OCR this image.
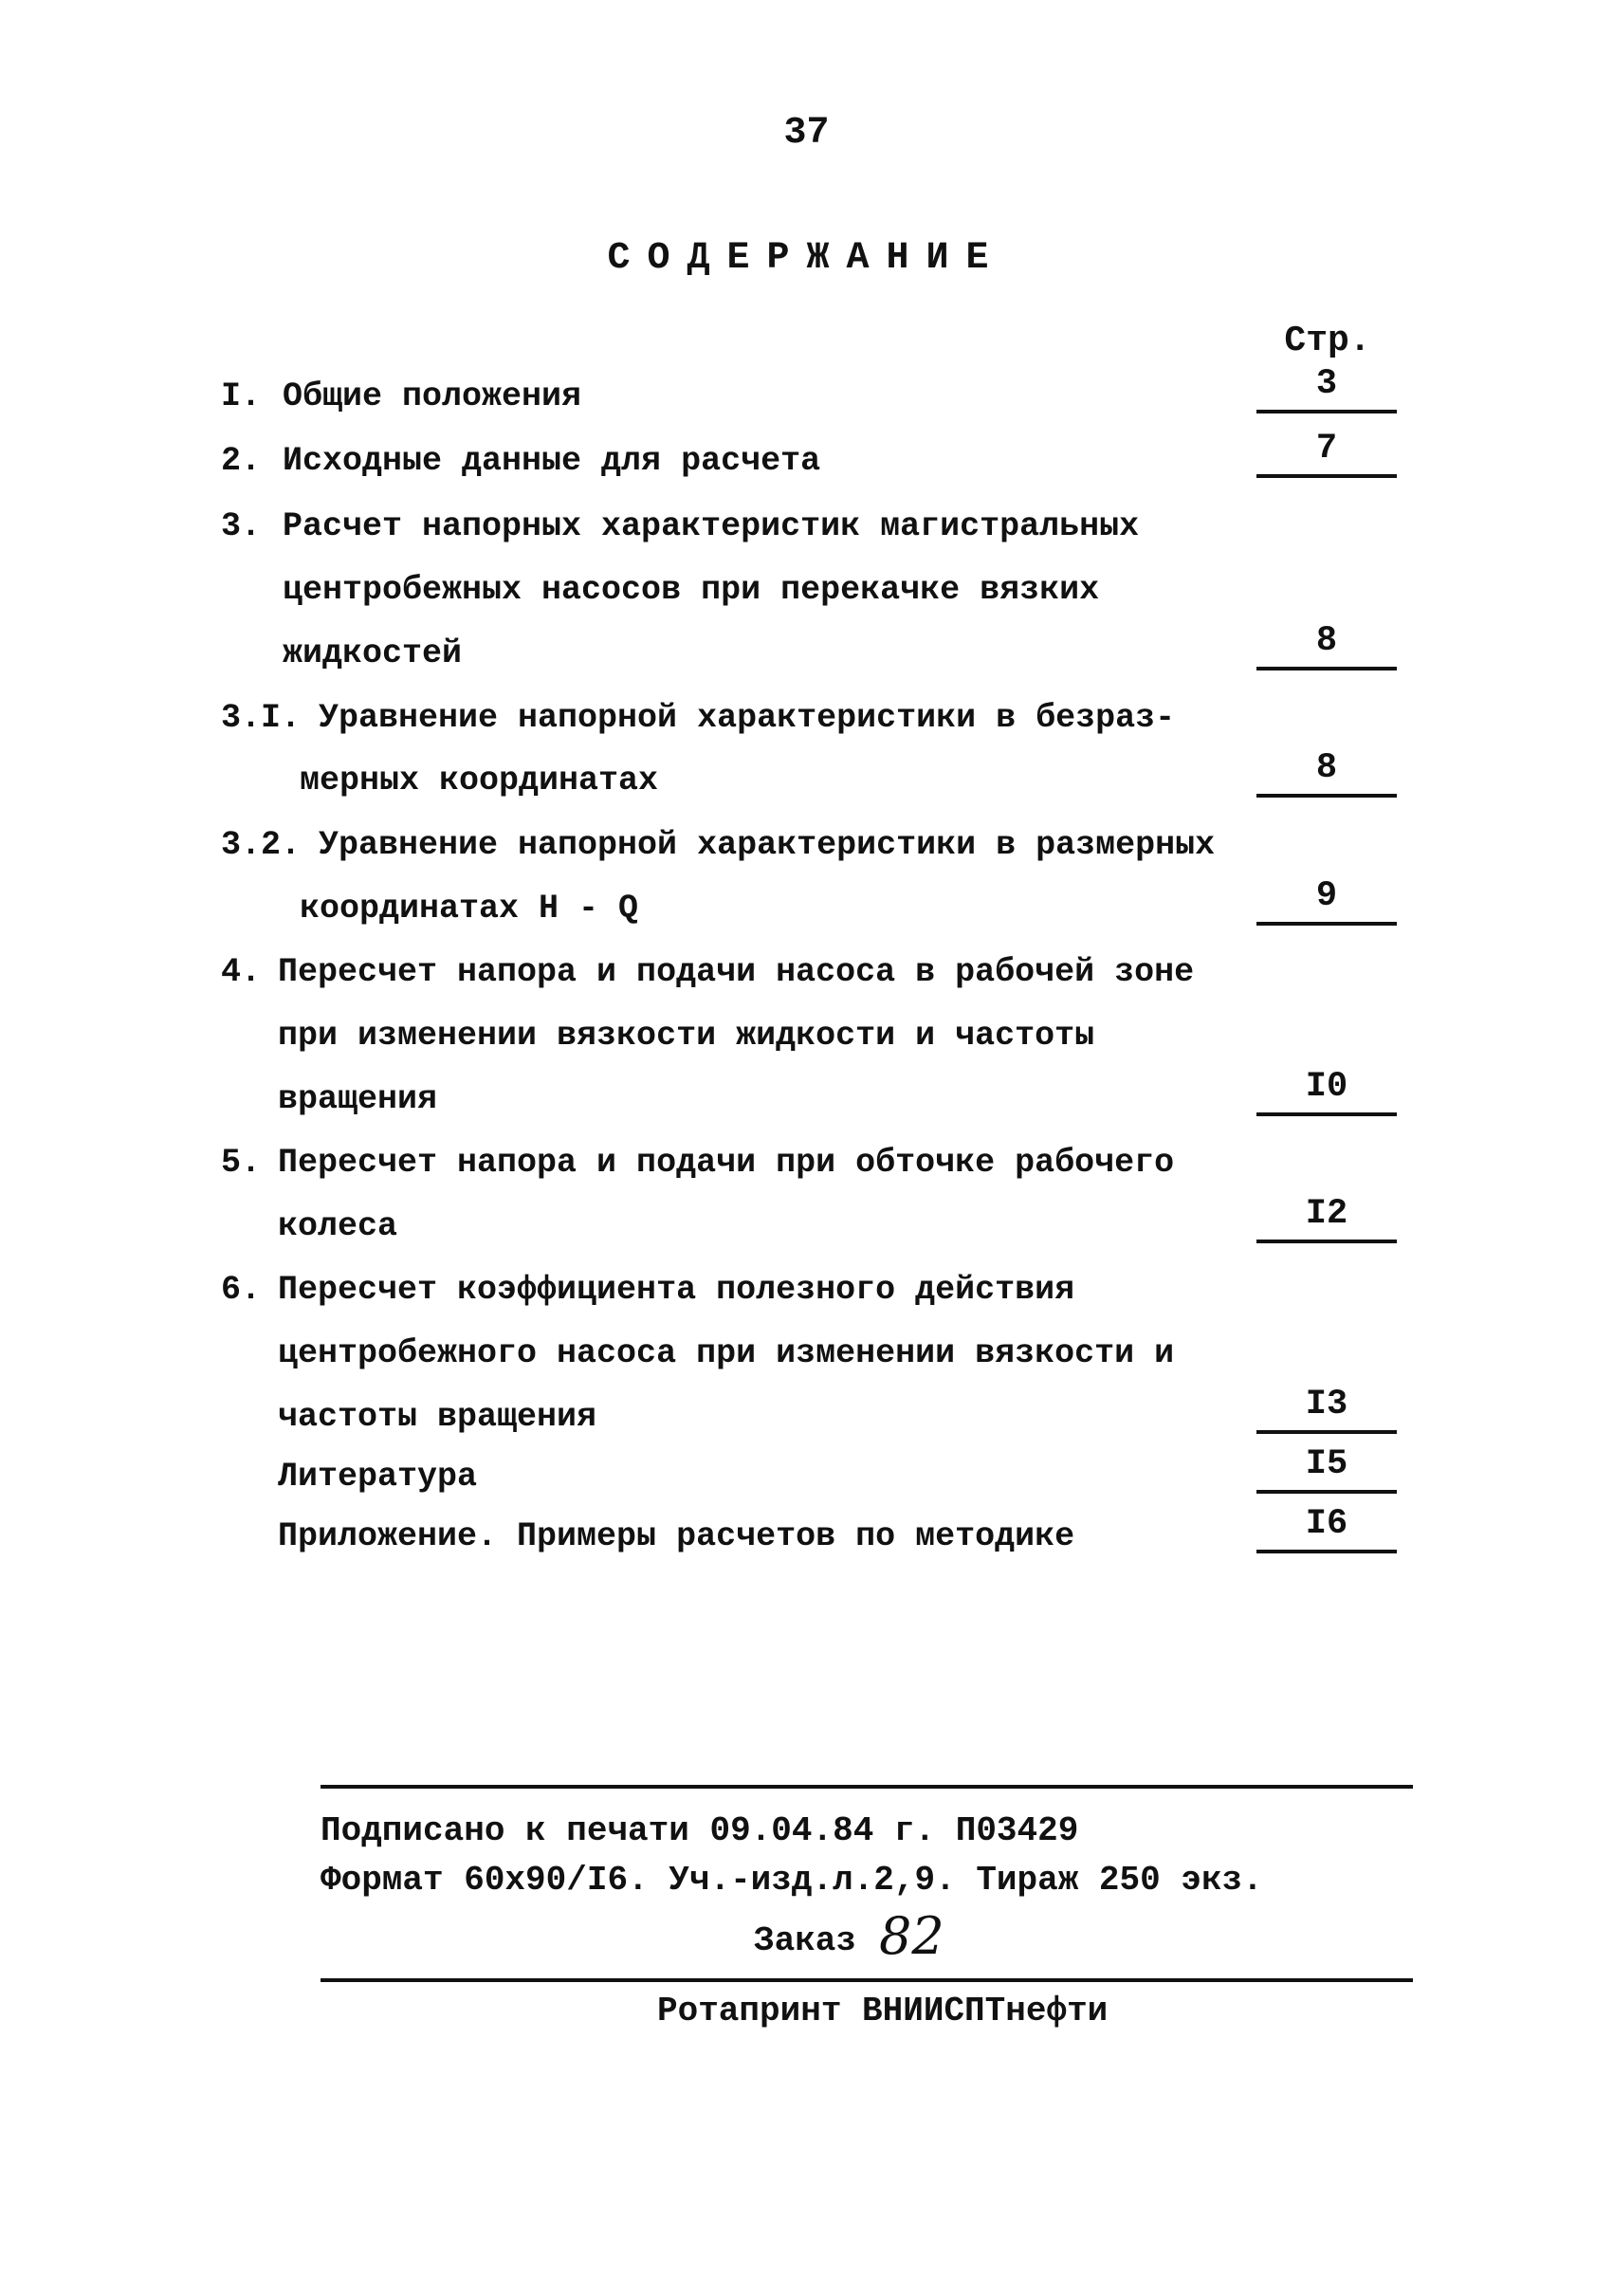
37
СОДЕРЖАНИЕ
Стр.
I. Общие положения	3
2. Исходные данные для расчета	7
3. Расчет напорных характеристик магистральных
центробежных насосов при перекачке вязких
жидкостей	8
3.I. Уравнение напорной характеристики в безраз-
мерных координатах	8
3.2. Уравнение напорной характеристики в размерных
координатах Н - Q	9
4. Пересчет напора и подачи насоса в рабочей зоне
при изменении вязкости жидкости и частоты
вращения	I0
5. Пересчет напора и подачи при обточке рабочего
колеса	I2
6. Пересчет коэффициента полезного действия
центробежного насоса при изменении вязкости и
частоты вращения	I3
Литература	I5
Приложение. Примеры расчетов по методике	I6
Подписано к печати 09.04.84 г. П03429
Формат 60х90/I6. Уч.-изд.л.2,9. Тираж 250 экз.
Заказ 82
Ротапринт ВНИИСПТнефти
